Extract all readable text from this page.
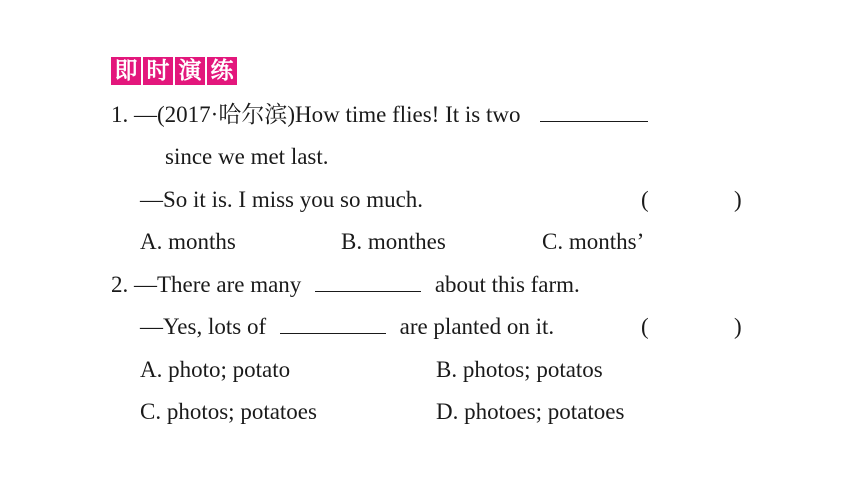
即 时 演 练
1. —(2017·哈尔滨)How time flies! It is two
since we met last.
—So it is. I miss you so much.	(	)
A. months	B. monthes	C. months’
2. —There are many	about this farm.
—Yes, lots of	are planted on it.	(	)
A. photo; potato	B. photos; potatos
C. photos; potatoes	D. photoes; potatoes
